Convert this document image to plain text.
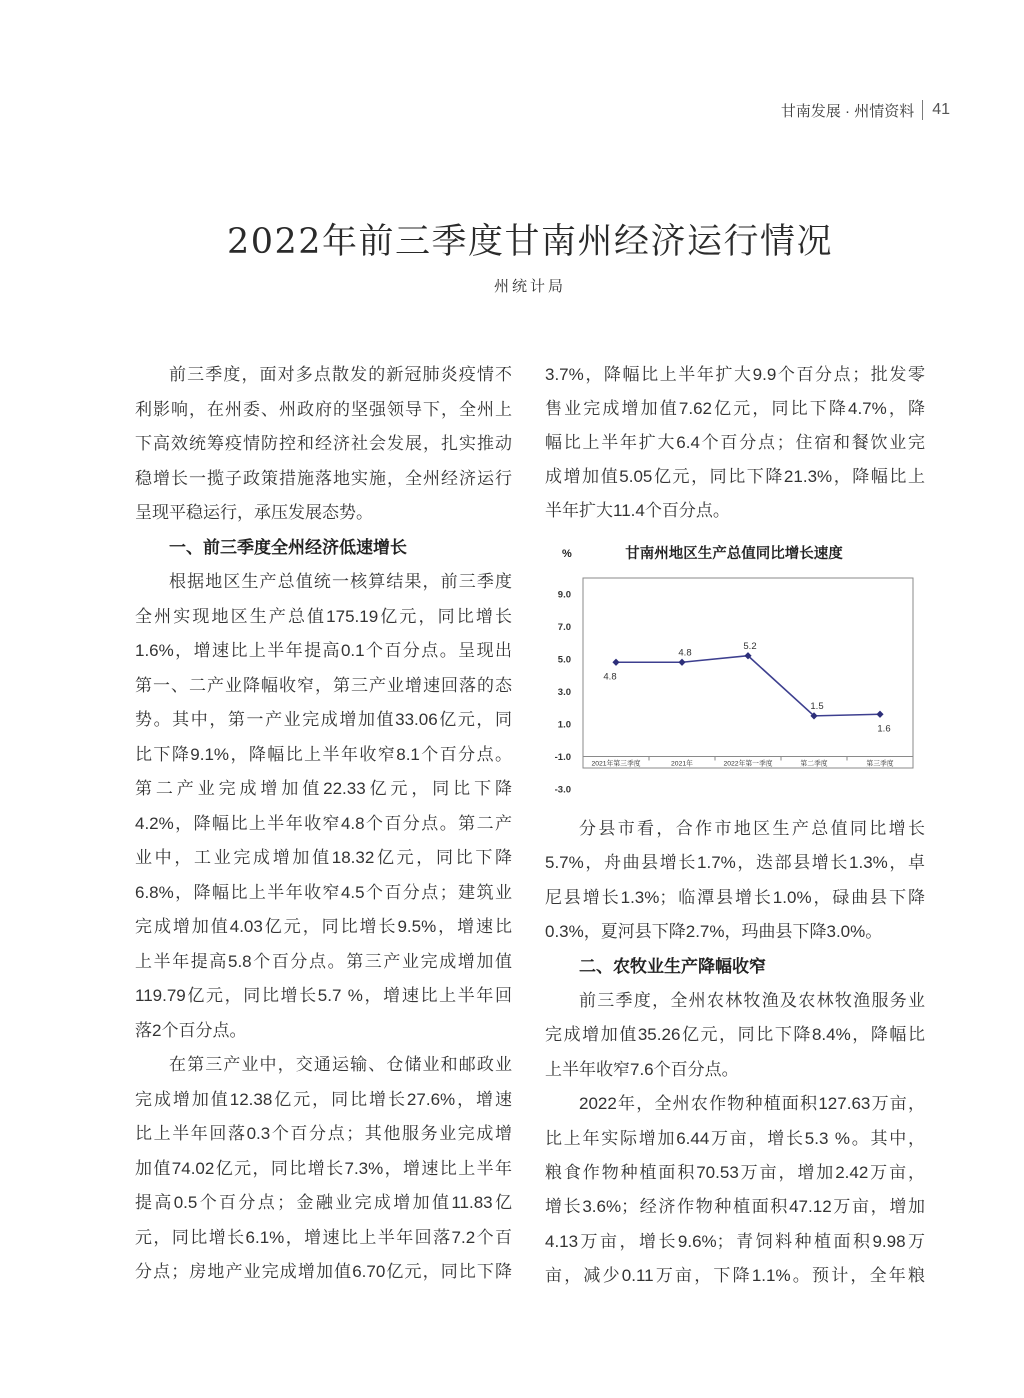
甘南发展 · 州情资料 41
2022年前三季度甘南州经济运行情况
州统计局
前三季度，面对多点散发的新冠肺炎疫情不
利影响，在州委、州政府的坚强领导下，全州上
下高效统筹疫情防控和经济社会发展，扎实推动
稳增长一揽子政策措施落地实施，全州经济运行
呈现平稳运行，承压发展态势。
一、前三季度全州经济低速增长
根据地区生产总值统一核算结果，前三季度
全州实现地区生产总值175.19亿元，同比增长
1.6%，增速比上半年提高0.1个百分点。呈现出
第一、二产业降幅收窄，第三产业增速回落的态
势。其中，第一产业完成增加值33.06亿元，同
比下降9.1%，降幅比上半年收窄8.1个百分点。
第二产业完成增加值22.33亿元，同比下降
4.2%，降幅比上半年收窄4.8个百分点。第二产
业中，工业完成增加值18.32亿元，同比下降
6.8%，降幅比上半年收窄4.5个百分点；建筑业
完成增加值4.03亿元，同比增长9.5%，增速比
上半年提高5.8个百分点。第三产业完成增加值
119.79亿元，同比增长5.7 %，增速比上半年回
落2个百分点。
在第三产业中，交通运输、仓储业和邮政业
完成增加值12.38亿元，同比增长27.6%，增速
比上半年回落0.3个百分点；其他服务业完成增
加值74.02亿元，同比增长7.3%，增速比上半年
提高0.5个百分点；金融业完成增加值11.83亿
元，同比增长6.1%，增速比上半年回落7.2个百
分点；房地产业完成增加值6.70亿元，同比下降
3.7%，降幅比上半年扩大9.9个百分点；批发零
售业完成增加值7.62亿元，同比下降4.7%，降
幅比上半年扩大6.4个百分点；住宿和餐饮业完
成增加值5.05亿元，同比下降21.3%，降幅比上
半年扩大11.4个百分点。
%	甘南州地区生产总值同比增长速度
9.0
7.0
5.0
3.0
1.0
-1.0
-3.0
2021年第三季度	2021年	2022年第一季度	第二季度	第三季度
4.8
4.8
5.2
1.5
1.6
分县市看，合作市地区生产总值同比增长
5.7%，舟曲县增长1.7%，迭部县增长1.3%，卓
尼县增长1.3%；临潭县增长1.0%，碌曲县下降
0.3%，夏河县下降2.7%，玛曲县下降3.0%。
二、农牧业生产降幅收窄
前三季度，全州农林牧渔及农林牧渔服务业
完成增加值35.26亿元，同比下降8.4%，降幅比
上半年收窄7.6个百分点。
2022年，全州农作物种植面积127.63万亩，
比上年实际增加6.44万亩，增长5.3 %。其中，
粮食作物种植面积70.53万亩，增加2.42万亩，
增长3.6%；经济作物种植面积47.12万亩，增加
4.13万亩，增长9.6%；青饲料种植面积9.98万
亩，减少0.11万亩，下降1.1%。预计，全年粮
